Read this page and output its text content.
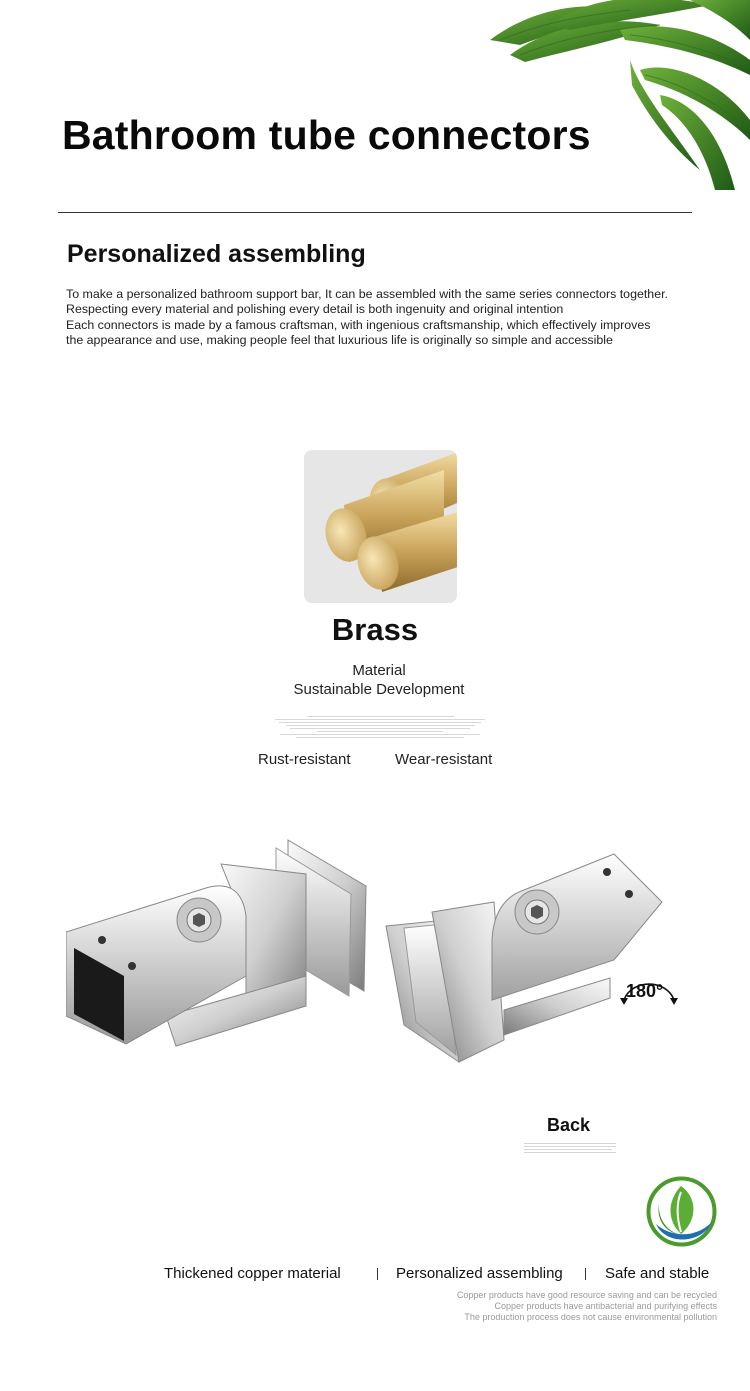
Bathroom tube connectors
Personalized assembling
To make a personalized bathroom support bar, It can be assembled with the same series connectors together.
Respecting every material and polishing every detail is both ingenuity and original intention
Each connectors is made by a famous craftsman, with ingenious craftsmanship, which effectively improves
the appearance and use, making people feel that luxurious life is originally so simple and accessible
Brass
Material
Sustainable Development
Rust-resistant	Wear-resistant
180°
Back
Thickened copper material	Personalized assembling	Safe and stable
Copper products have good resource saving and can be recycled
Copper products have antibacterial and purifying effects
The production process does not cause environmental pollution
